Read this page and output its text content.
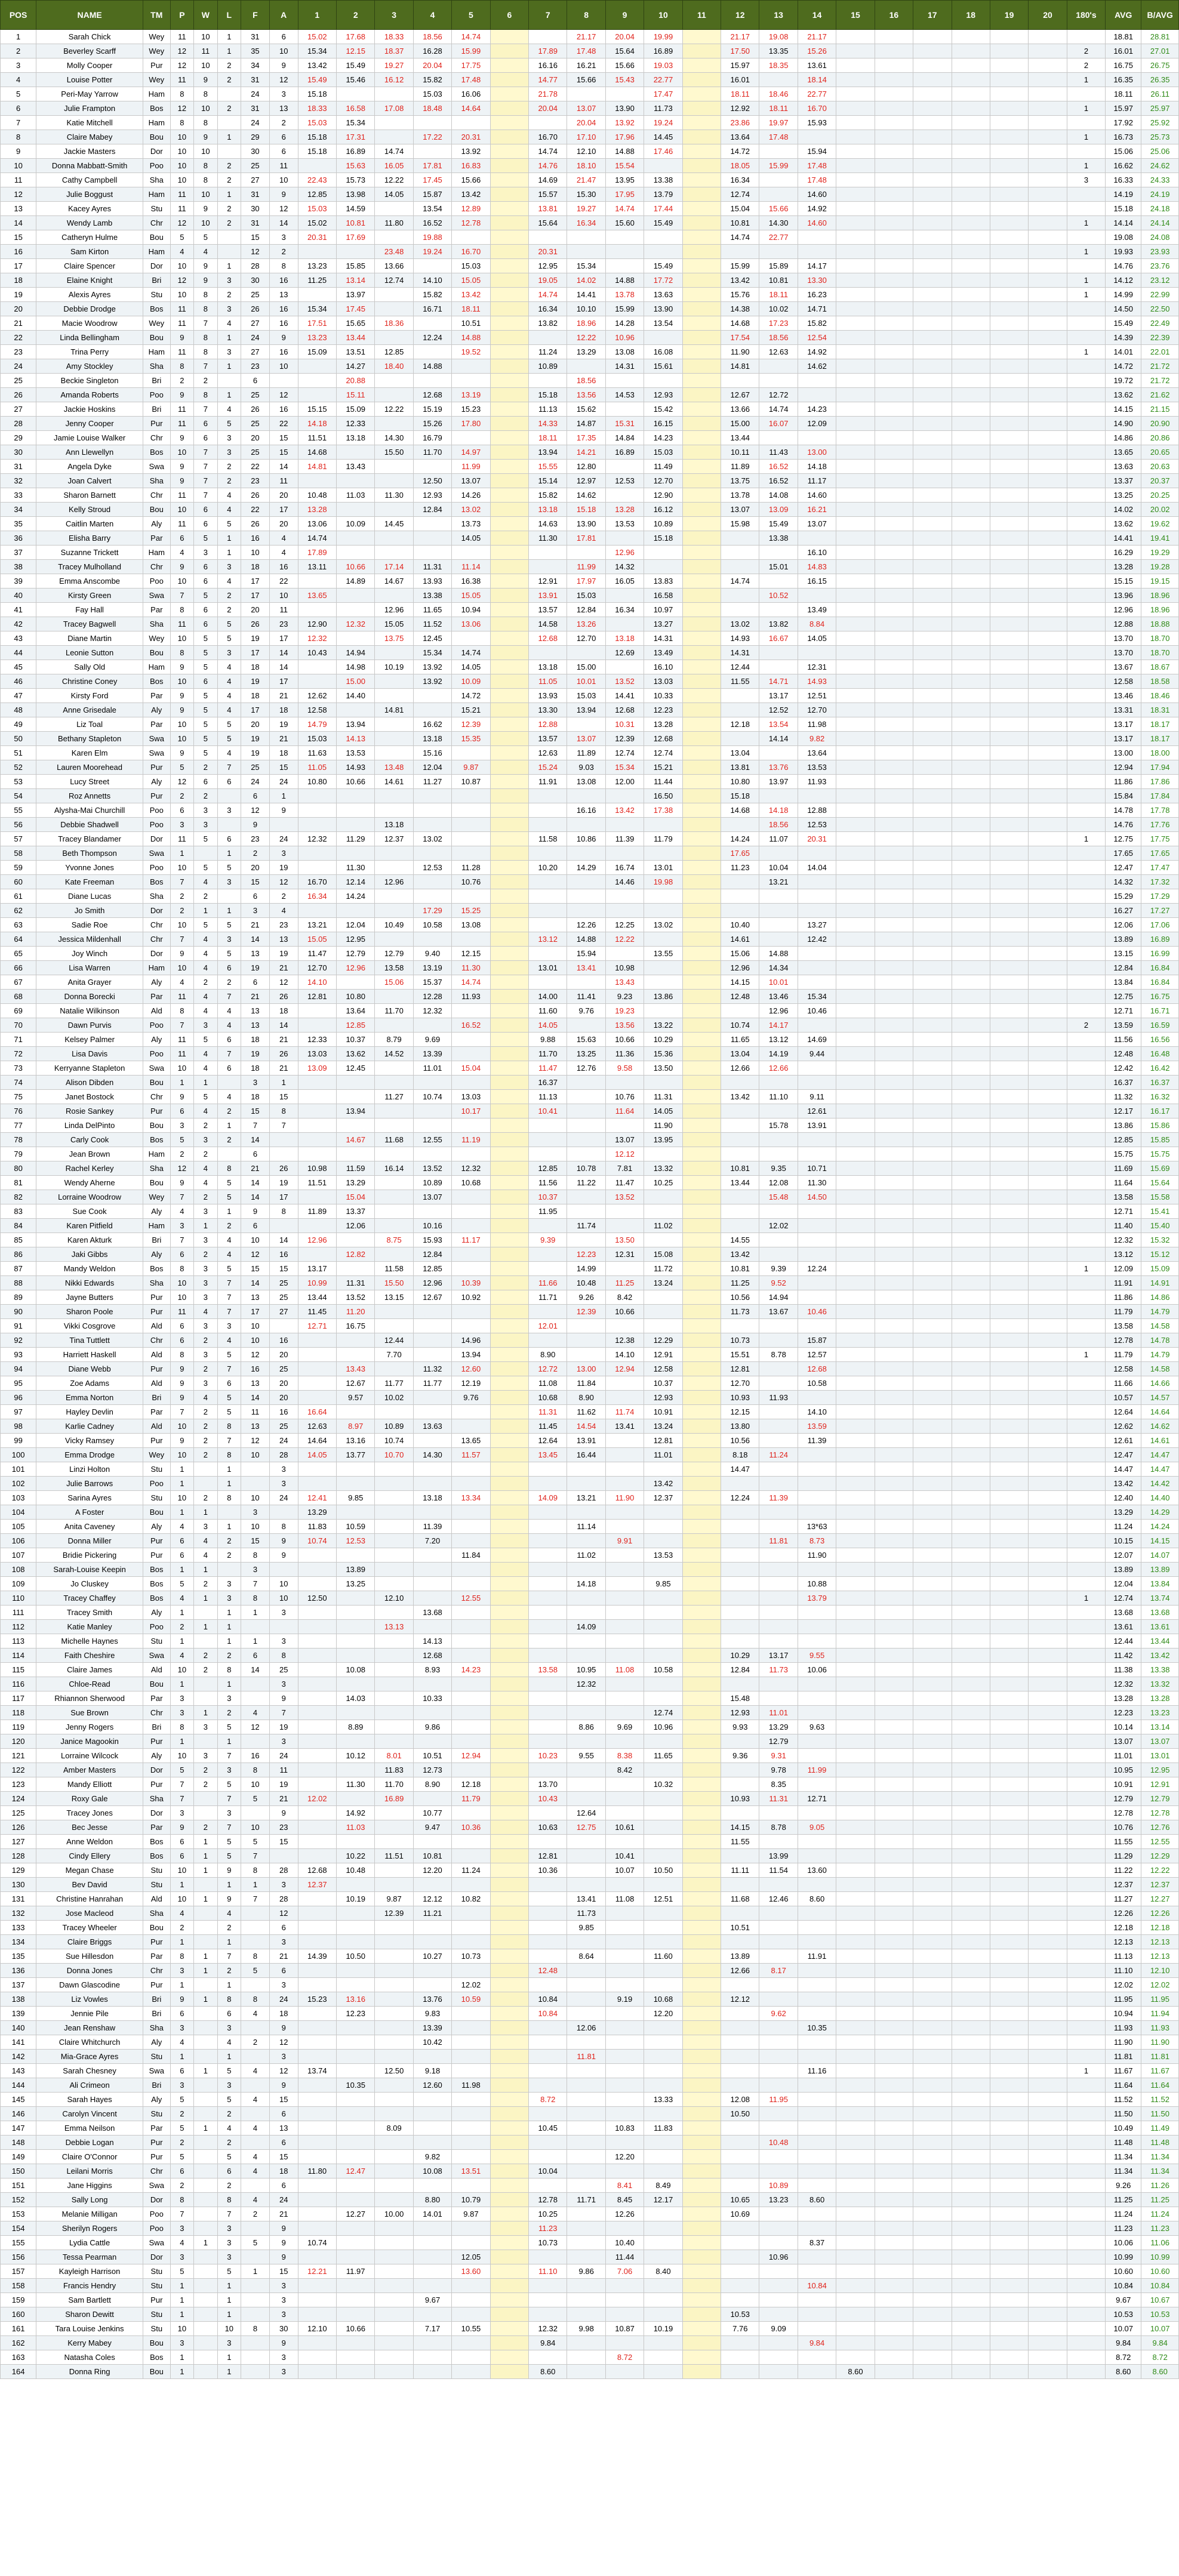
POS	NAME	TM	P	W	L	F	A	1	2	3	4	5	6	7	8	9	10	11	12	13	14	15	16	17	18	19	20	180's	AVG	B/AVG
1	Sarah Chick	Wey	11	10	1	31	6	15.02	17.68	18.33	18.56	14.74			21.17	20.04	19.99		21.17	19.08	21.17								18.81	28.81
2	Beverley Scarff	Wey	12	11	1	35	10	15.34	12.15	18.37	16.28	15.99		17.89	17.48	15.64	16.89		17.50	13.35	15.26							2	16.01	27.01
3	Molly Cooper	Pur	12	10	2	34	9	13.42	15.49	19.27	20.04	17.75		16.16	16.21	15.66	19.03		15.97	18.35	13.61							2	16.75	26.75
4	Louise Potter	Wey	11	9	2	31	12	15.49	15.46	16.12	15.82	17.48		14.77	15.66	15.43	22.77		16.01		18.14							1	16.35	26.35
5	Peri-May Yarrow	Ham	8	8		24	3	15.18			15.03	16.06		21.78			17.47		18.11	18.46	22.77								18.11	26.11
6	Julie Frampton	Bos	12	10	2	31	13	18.33	16.58	17.08	18.48	14.64		20.04	13.07	13.90	11.73		12.92	18.11	16.70							1	15.97	25.97
7	Katie Mitchell	Ham	8	8		24	2	15.03	15.34						20.04	13.92	19.24		23.86	19.97	15.93								17.92	25.92
8	Claire Mabey	Bou	10	9	1	29	6	15.18	17.31		17.22	20.31		16.70	17.10	17.96	14.45		13.64	17.48								1	16.73	25.73
9	Jackie Masters	Dor	10	10		30	6	15.18	16.89	14.74		13.92		14.74	12.10	14.88	17.46		14.72		15.94								15.06	25.06
10	Donna Mabbatt-Smith	Poo	10	8	2	25	11		15.63	16.05	17.81	16.83		14.76	18.10	15.54			18.05	15.99	17.48							1	16.62	24.62
11	Cathy Campbell	Sha	10	8	2	27	10	22.43	15.73	12.22	17.45	15.66		14.69	21.47	13.95	13.38		16.34		17.48							3	16.33	24.33
12	Julie Boggust	Ham	11	10	1	31	9	12.85	13.98	14.05	15.87	13.42		15.57	15.30	17.95	13.79		12.74		14.60								14.19	24.19
13	Kacey Ayres	Stu	11	9	2	30	12	15.03	14.59		13.54	12.89		13.81	19.27	14.74	17.44		15.04	15.66	14.92								15.18	24.18
14	Wendy Lamb	Chr	12	10	2	31	14	15.02	10.81	11.80	16.52	12.78		15.64	16.34	15.60	15.49		10.81	14.30	14.60							1	14.14	24.14
15	Catheryn Hulme	Bou	5	5		15	3	20.31	17.69		19.88								14.74	22.77									19.08	24.08
16	Sam Kirton	Ham	4	4		12	2			23.48	19.24	16.70		20.31														1	19.93	23.93
17	Claire Spencer	Dor	10	9	1	28	8	13.23	15.85	13.66		15.03		12.95	15.34		15.49		15.99	15.89	14.17								14.76	23.76
18	Elaine Knight	Bri	12	9	3	30	16	11.25	13.14	12.74	14.10	15.05		19.05	14.02	14.88	17.72		13.42	10.81	13.30							1	14.12	23.12
19	Alexis Ayres	Stu	10	8	2	25	13		13.97		15.82	13.42		14.74	14.41	13.78	13.63		15.76	18.11	16.23							1	14.99	22.99
20	Debbie Drodge	Bos	11	8	3	26	16	15.34	17.45		16.71	18.11		16.34	10.10	15.99	13.90		14.38	10.02	14.71								14.50	22.50
21	Macie Woodrow	Wey	11	7	4	27	16	17.51	15.65	18.36		10.51		13.82	18.96	14.28	13.54		14.68	17.23	15.82								15.49	22.49
22	Linda Bellingham	Bou	9	8	1	24	9	13.23	13.44		12.24	14.88			12.22	10.96			17.54	18.56	12.54								14.39	22.39
23	Trina Perry	Ham	11	8	3	27	16	15.09	13.51	12.85		19.52		11.24	13.29	13.08	16.08		11.90	12.63	14.92							1	14.01	22.01
24	Amy Stockley	Sha	8	7	1	23	10		14.27	18.40	14.88			10.89		14.31	15.61		14.81		14.62								14.72	21.72
25	Beckie Singleton	Bri	2	2		6			20.88						18.56														19.72	21.72
26	Amanda Roberts	Poo	9	8	1	25	12		15.11		12.68	13.19		15.18	13.56	14.53	12.93		12.67	12.72									13.62	21.62
27	Jackie Hoskins	Bri	11	7	4	26	16	15.15	15.09	12.22	15.19	15.23		11.13	15.62		15.42		13.66	14.74	14.23								14.15	21.15
28	Jenny Cooper	Pur	11	6	5	25	22	14.18	12.33		15.26	17.80		14.33	14.87	15.31	16.15		15.00	16.07	12.09								14.90	20.90
29	Jamie Louise Walker	Chr	9	6	3	20	15	11.51	13.18	14.30	16.79			18.11	17.35	14.84	14.23		13.44										14.86	20.86
30	Ann Llewellyn	Bos	10	7	3	25	15	14.68		15.50	11.70	14.97		13.94	14.21	16.89	15.03		10.11	11.43	13.00								13.65	20.65
31	Angela Dyke	Swa	9	7	2	22	14	14.81	13.43			11.99		15.55	12.80		11.49		11.89	16.52	14.18								13.63	20.63
32	Joan Calvert	Sha	9	7	2	23	11				12.50	13.07		15.14	12.97	12.53	12.70		13.75	16.52	11.17								13.37	20.37
33	Sharon Barnett	Chr	11	7	4	26	20	10.48	11.03	11.30	12.93	14.26		15.82	14.62		12.90		13.78	14.08	14.60								13.25	20.25
34	Kelly Stroud	Bou	10	6	4	22	17	13.28			12.84	13.02		13.18	15.18	13.28	16.12		13.07	13.09	16.21								14.02	20.02
35	Caitlin Marten	Aly	11	6	5	26	20	13.06	10.09	14.45		13.73		14.63	13.90	13.53	10.89		15.98	15.49	13.07								13.62	19.62
36	Elisha Barry	Par	6	5	1	16	4	14.74				14.05		11.30	17.81		15.18			13.38									14.41	19.41
37	Suzanne Trickett	Ham	4	3	1	10	4	17.89								12.96					16.10								16.29	19.29
38	Tracey Mulholland	Chr	9	6	3	18	16	13.11	10.66	17.14	11.31	11.14			11.99	14.32				15.01	14.83								13.28	19.28
39	Emma Anscombe	Poo	10	6	4	17	22		14.89	14.67	13.93	16.38		12.91	17.97	16.05	13.83		14.74		16.15								15.15	19.15
40	Kirsty Green	Swa	7	5	2	17	10	13.65			13.38	15.05		13.91	15.03		16.58			10.52									13.96	18.96
41	Fay Hall	Par	8	6	2	20	11			12.96	11.65	10.94		13.57	12.84	16.34	10.97				13.49								12.96	18.96
42	Tracey Bagwell	Sha	11	6	5	26	23	12.90	12.32	15.05	11.52	13.06		14.58	13.26		13.27		13.02	13.82	8.84								12.88	18.88
43	Diane Martin	Wey	10	5	5	19	17	12.32		13.75	12.45			12.68	12.70	13.18	14.31		14.93	16.67	14.05								13.70	18.70
44	Leonie Sutton	Bou	8	5	3	17	14	10.43	14.94		15.34	14.74				12.69	13.49		14.31										13.70	18.70
45	Sally Old	Ham	9	5	4	18	14		14.98	10.19	13.92	14.05		13.18	15.00		16.10		12.44		12.31								13.67	18.67
46	Christine Coney	Bos	10	6	4	19	17		15.00		13.92	10.09		11.05	10.01	13.52	13.03		11.55	14.71	14.93								12.58	18.58
47	Kirsty Ford	Par	9	5	4	18	21	12.62	14.40			14.72		13.93	15.03	14.41	10.33			13.17	12.51								13.46	18.46
48	Anne Grisedale	Aly	9	5	4	17	18	12.58		14.81		15.21		13.30	13.94	12.68	12.23			12.52	12.70								13.31	18.31
49	Liz Toal	Par	10	5	5	20	19	14.79	13.94		16.62	12.39		12.88		10.31	13.28		12.18	13.54	11.98								13.17	18.17
50	Bethany Stapleton	Swa	10	5	5	19	21	15.03	14.13		13.18	15.35		13.57	13.07	12.39	12.68			14.14	9.82								13.17	18.17
51	Karen Elm	Swa	9	5	4	19	18	11.63	13.53		15.16			12.63	11.89	12.74	12.74		13.04		13.64								13.00	18.00
52	Lauren Moorehead	Pur	5	2	7	25	15	11.05	14.93	13.48	12.04	9.87		15.24	9.03	15.34	15.21		13.81	13.76	13.53								12.94	17.94
53	Lucy Street	Aly	12	6	6	24	24	10.80	10.66	14.61	11.27	10.87		11.91	13.08	12.00	11.44		10.80	13.97	11.93								11.86	17.86
54	Roz Annetts	Pur	2	2		6	1										16.50		15.18										15.84	17.84
55	Alysha-Mai Churchill	Poo	6	3	3	12	9								16.16	13.42	17.38		14.68	14.18	12.88								14.78	17.78
56	Debbie Shadwell	Poo	3	3		9				13.18										18.56	12.53								14.76	17.76
57	Tracey Blandamer	Dor	11	5	6	23	24	12.32	11.29	12.37	13.02			11.58	10.86	11.39	11.79		14.24	11.07	20.31							1	12.75	17.75
58	Beth Thompson	Swa	1		1	2	3												17.65										17.65	17.65
59	Yvonne Jones	Poo	10	5	5	20	19		11.30		12.53	11.28		10.20	14.29	16.74	13.01		11.23	10.04	14.04								12.47	17.47
60	Kate Freeman	Bos	7	4	3	15	12	16.70	12.14	12.96		10.76				14.46	19.98			13.21									14.32	17.32
61	Diane Lucas	Sha	2	2		6	2	16.34	14.24																				15.29	17.29
62	Jo Smith	Dor	2	1	1	3	4				17.29	15.25																	16.27	17.27
63	Sadie Roe	Chr	10	5	5	21	23	13.21	12.04	10.49	10.58	13.08			12.26	12.25	13.02		10.40		13.27								12.06	17.06
64	Jessica Mildenhall	Chr	7	4	3	14	13	15.05	12.95					13.12	14.88	12.22			14.61		12.42								13.89	16.89
65	Joy Winch	Dor	9	4	5	13	19	11.47	12.79	12.79	9.40	12.15			15.94		13.55		15.06	14.88									13.15	16.99
66	Lisa Warren	Ham	10	4	6	19	21	12.70	12.96	13.58	13.19	11.30		13.01	13.41	10.98			12.96	14.34									12.84	16.84
67	Anita Grayer	Aly	4	2	2	6	12	14.10		15.06	15.37	14.74				13.43			14.15	10.01									13.84	16.84
68	Donna Borecki	Par	11	4	7	21	26	12.81	10.80		12.28	11.93		14.00	11.41	9.23	13.86		12.48	13.46	15.34								12.75	16.75
69	Natalie Wilkinson	Ald	8	4	4	13	18		13.64	11.70	12.32			11.60	9.76	19.23				12.96	10.46								12.71	16.71
70	Dawn Purvis	Poo	7	3	4	13	14		12.85			16.52		14.05		13.56	13.22		10.74	14.17								2	13.59	16.59
71	Kelsey Palmer	Aly	11	5	6	18	21	12.33	10.37	8.79	9.69			9.88	15.63	10.66	10.29		11.65	13.12	14.69								11.56	16.56
72	Lisa Davis	Poo	11	4	7	19	26	13.03	13.62	14.52	13.39			11.70	13.25	11.36	15.36		13.04	14.19	9.44								12.48	16.48
73	Kerryanne Stapleton	Swa	10	4	6	18	21	13.09	12.45		11.01	15.04		11.47	12.76	9.58	13.50		12.66	12.66									12.42	16.42
74	Alison Dibden	Bou	1	1		3	1							16.37															16.37	16.37
75	Janet Bostock	Chr	9	5	4	18	15			11.27	10.74	13.03		11.13		10.76	11.31		13.42	11.10	9.11								11.32	16.32
76	Rosie Sankey	Pur	6	4	2	15	8		13.94			10.17		10.41		11.64	14.05				12.61								12.17	16.17
77	Linda DelPinto	Bou	3	2	1	7	7										11.90			15.78	13.91								13.86	15.86
78	Carly Cook	Bos	5	3	2	14			14.67	11.68	12.55	11.19				13.07	13.95												12.85	15.85
79	Jean Brown	Ham	2	2		6										12.12													15.75	15.75
80	Rachel Kerley	Sha	12	4	8	21	26	10.98	11.59	16.14	13.52	12.32		12.85	10.78	7.81	13.32		10.81	9.35	10.71								11.69	15.69
81	Wendy Aherne	Bou	9	4	5	14	19	11.51	13.29		10.89	10.68		11.56	11.22	11.47	10.25		13.44	12.08	11.30								11.64	15.64
82	Lorraine Woodrow	Wey	7	2	5	14	17		15.04		13.07			10.37		13.52				15.48	14.50								13.58	15.58
83	Sue Cook	Aly	4	3	1	9	8	11.89	13.37					11.95															12.71	15.41
84	Karen Pitfield	Ham	3	1	2	6			12.06		10.16				11.74		11.02			12.02									11.40	15.40
85	Karen Akturk	Bri	7	3	4	10	14	12.96		8.75	15.93	11.17		9.39		13.50			14.55										12.32	15.32
86	Jaki Gibbs	Aly	6	2	4	12	16		12.82		12.84				12.23	12.31	15.08		13.42										13.12	15.12
87	Mandy Weldon	Bos	8	3	5	15	15	13.17		11.58	12.85				14.99		11.72		10.81	9.39	12.24							1	12.09	15.09
88	Nikki Edwards	Sha	10	3	7	14	25	10.99	11.31	15.50	12.96	10.39		11.66	10.48	11.25	13.24		11.25	9.52									11.91	14.91
89	Jayne Butters	Pur	10	3	7	13	25	13.44	13.52	13.15	12.67	10.92		11.71	9.26	8.42			10.56	14.94									11.86	14.86
90	Sharon Poole	Pur	11	4	7	17	27	11.45	11.20						12.39	10.66			11.73	13.67	10.46								11.79	14.79
91	Vikki Cosgrove	Ald	6	3	3	10		12.71	16.75					12.01															13.58	14.58
92	Tina Tuttlett	Chr	6	2	4	10	16			12.44		14.96				12.38	12.29		10.73		15.87								12.78	14.78
93	Harriett Haskell	Ald	8	3	5	12	20			7.70		13.94		8.90		14.10	12.91		15.51	8.78	12.57							1	11.79	14.79
94	Diane Webb	Pur	9	2	7	16	25		13.43		11.32	12.60		12.72	13.00	12.94	12.58		12.81		12.68								12.58	14.58
95	Zoe Adams	Ald	9	3	6	13	20		12.67	11.77	11.77	12.19		11.08	11.84		10.37		12.70		10.58								11.66	14.66
96	Emma Norton	Bri	9	4	5	14	20		9.57	10.02		9.76		10.68	8.90		12.93		10.93	11.93									10.57	14.57
97	Hayley Devlin	Par	7	2	5	11	16	16.64						11.31	11.62	11.74	10.91		12.15		14.10								12.64	14.64
98	Karlie Cadney	Ald	10	2	8	13	25	12.63	8.97	10.89	13.63			11.45	14.54	13.41	13.24		13.80		13.59								12.62	14.62
99	Vicky Ramsey	Pur	9	2	7	12	24	14.64	13.16	10.74		13.65		12.64	13.91		12.81		10.56		11.39								12.61	14.61
100	Emma Drodge	Wey	10	2	8	10	28	14.05	13.77	10.70	14.30	11.57		13.45	16.44		11.01		8.18	11.24									12.47	14.47
101	Linzi Holton	Stu	1		1		3												14.47										14.47	14.47
102	Julie Barrows	Poo	1		1		3										13.42												13.42	14.42
103	Sarina Ayres	Stu	10	2	8	10	24	12.41	9.85		13.18	13.34		14.09	13.21	11.90	12.37		12.24	11.39									12.40	14.40
104	A Foster	Bou	1	1		3		13.29																					13.29	14.29
105	Anita Caveney	Aly	4	3	1	10	8	11.83	10.59		11.39				11.14						13*63								11.24	14.24
106	Donna Miller	Pur	6	4	2	15	9	10.74	12.53		7.20					9.91				11.81	8.73								10.15	14.15
107	Bridie Pickering	Pur	6	4	2	8	9					11.84			11.02		13.53				11.90								12.07	14.07
108	Sarah-Louise Keepin	Bos	1	1		3			13.89																				13.89	13.89
109	Jo Cluskey	Bos	5	2	3	7	10		13.25						14.18		9.85				10.88								12.04	13.84
110	Tracey Chaffey	Bos	4	1	3	8	10	12.50		12.10		12.55									13.79							1	12.74	13.74
111	Tracey Smith	Aly	1		1	1	3				13.68																		13.68	13.68
112	Katie Manley	Poo	2	1	1					13.13					14.09														13.61	13.61
113	Michelle Haynes	Stu	1		1	1	3				14.13																		12.44	13.44
114	Faith Cheshire	Swa	4	2	2	6	8				12.68								10.29	13.17	9.55								11.42	13.42
115	Claire James	Ald	10	2	8	14	25		10.08		8.93	14.23		13.58	10.95	11.08	10.58		12.84	11.73	10.06								11.38	13.38
116	Chloe-Read	Bou	1		1		3								12.32														12.32	13.32
117	Rhiannon Sherwood	Par	3		3		9		14.03		10.33								15.48										13.28	13.28
118	Sue Brown	Chr	3	1	2	4	7										12.74		12.93	11.01									12.23	13.23
119	Jenny Rogers	Bri	8	3	5	12	19		8.89		9.86				8.86	9.69	10.96		9.93	13.29	9.63								10.14	13.14
120	Janice Magookin	Pur	1		1		3													12.79									13.07	13.07
121	Lorraine Wilcock	Aly	10	3	7	16	24		10.12	8.01	10.51	12.94		10.23	9.55	8.38	11.65		9.36	9.31									11.01	13.01
122	Amber Masters	Dor	5	2	3	8	11			11.83	12.73					8.42				9.78	11.99								10.95	12.95
123	Mandy Elliott	Pur	7	2	5	10	19		11.30	11.70	8.90	12.18		13.70			10.32			8.35									10.91	12.91
124	Roxy Gale	Sha	7		7	5	21	12.02		16.89		11.79		10.43					10.93	11.31	12.71								12.79	12.79
125	Tracey Jones	Dor	3		3		9		14.92		10.77				12.64														12.78	12.78
126	Bec Jesse	Par	9	2	7	10	23		11.03		9.47	10.36		10.63	12.75	10.61			14.15	8.78	9.05								10.76	12.76
127	Anne Weldon	Bos	6	1	5	5	15												11.55										11.55	12.55
128	Cindy Ellery	Bos	6	1	5	7			10.22	11.51	10.81			12.81		10.41				13.99									11.29	12.29
129	Megan Chase	Stu	10	1	9	8	28	12.68	10.48		12.20	11.24		10.36		10.07	10.50		11.11	11.54	13.60								11.22	12.22
130	Bev David	Stu	1		1	1	3	12.37																					12.37	12.37
131	Christine Hanrahan	Ald	10	1	9	7	28		10.19	9.87	12.12	10.82			13.41	11.08	12.51		11.68	12.46	8.60								11.27	12.27
132	Jose Macleod	Sha	4		4		12			12.39	11.21				11.73														12.26	12.26
133	Tracey Wheeler	Bou	2		2		6								9.85				10.51										12.18	12.18
134	Claire Briggs	Pur	1		1		3																						12.13	12.13
135	Sue Hillesdon	Par	8	1	7	8	21	14.39	10.50		10.27	10.73			8.64		11.60		13.89		11.91								11.13	12.13
136	Donna Jones	Chr	3	1	2	5	6							12.48					12.66	8.17									11.10	12.10
137	Dawn Glascodine	Pur	1		1		3					12.02																	12.02	12.02
138	Liz Vowles	Bri	9	1	8	8	24	15.23	13.16		13.76	10.59		10.84		9.19	10.68		12.12										11.95	11.95
139	Jennie Pile	Bri	6		6	4	18		12.23		9.83			10.84			12.20			9.62									10.94	11.94
140	Jean Renshaw	Sha	3		3		9				13.39				12.06						10.35								11.93	11.93
141	Claire Whitchurch	Aly	4		4	2	12				10.42																		11.90	11.90
142	Mia-Grace Ayres	Stu	1		1		3								11.81														11.81	11.81
143	Sarah Chesney	Swa	6	1	5	4	12	13.74		12.50	9.18										11.16							1	11.67	11.67
144	Ali Crimeon	Bri	3		3		9		10.35		12.60	11.98																	11.64	11.64
145	Sarah Hayes	Aly	5		5	4	15							8.72			13.33		12.08	11.95									11.52	11.52
146	Carolyn Vincent	Stu	2		2		6												10.50										11.50	11.50
147	Emma Neilson	Par	5	1	4	4	13			8.09				10.45		10.83	11.83												10.49	11.49
148	Debbie Logan	Pur	2		2		6													10.48									11.48	11.48
149	Claire O'Connor	Pur	5		5	4	15				9.82					12.20													11.34	11.34
150	Leilani Morris	Chr	6		6	4	18	11.80	12.47		10.08	13.51		10.04															11.34	11.34
151	Jane Higgins	Swa	2		2		6									8.41	8.49			10.89									9.26	11.26
152	Sally Long	Dor	8		8	4	24				8.80	10.79		12.78	11.71	8.45	12.17		10.65	13.23	8.60								11.25	11.25
153	Melanie Milligan	Poo	7		7	2	21		12.27	10.00	14.01	9.87		10.25		12.26			10.69										11.24	11.24
154	Sherilyn Rogers	Poo	3		3		9							11.23															11.23	11.23
155	Lydia Cattle	Swa	4	1	3	5	9	10.74						10.73		10.40					8.37								10.06	11.06
156	Tessa Pearman	Dor	3		3		9					12.05				11.44				10.96									10.99	10.99
157	Kayleigh Harrison	Stu	5		5	1	15	12.21	11.97			13.60		11.10	9.86	7.06	8.40												10.60	10.60
158	Francis Hendry	Stu	1		1		3														10.84								10.84	10.84
159	Sam Bartlett	Pur	1		1		3				9.67																		9.67	10.67
160	Sharon Dewitt	Stu	1		1		3												10.53										10.53	10.53
161	Tara Louise Jenkins	Stu	10		10	8	30	12.10	10.66		7.17	10.55		12.32	9.98	10.87	10.19		7.76	9.09									10.07	10.07
162	Kerry Mabey	Bou	3		3		9							9.84							9.84								9.84	9.84
163	Natasha Coles	Bos	1		1		3									8.72													8.72	8.72
164	Donna Ring	Bou	1		1		3							8.60								8.60							8.60	8.60
